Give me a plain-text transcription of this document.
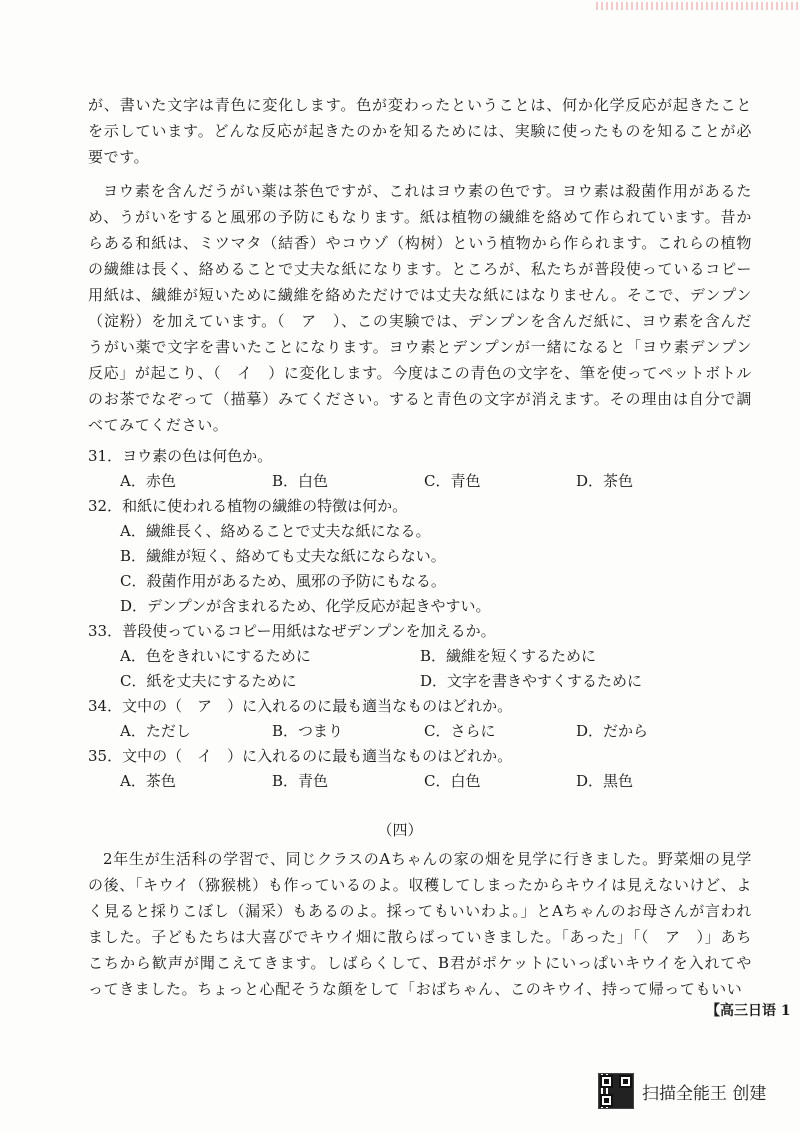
が、書いた文字は青色に変化します。色が変わったということは、何か化学反応が起きたことを示しています。どんな反応が起きたのかを知るためには、実験に使ったものを知ることが必要です。

ヨウ素を含んだうがい薬は茶色ですが、これはヨウ素の色です。ヨウ素は殺菌作用があるため、うがいをすると風邪の予防にもなります。紙は植物の繊維を絡めて作られています。昔からある和紙は、ミツマタ（結香）やコウゾ（构树）という植物から作られます。これらの植物の繊維は長く、絡めることで丈夫な紙になります。ところが、私たちが普段使っているコピー用紙は、繊維が短いために繊維を絡めただけでは丈夫な紙にはなりません。そこで、デンプン（淀粉）を加えています。（　ア　）、この実験では、デンプンを含んだ紙に、ヨウ素を含んだうがい薬で文字を書いたことになります。ヨウ素とデンプンが一緒になると「ヨウ素デンプン反応」が起こり、（　イ　）に変化します。今度はこの青色の文字を、筆を使ってペットボトルのお茶でなぞって（描摹）みてください。すると青色の文字が消えます。その理由は自分で調べてみてください。

31．ヨウ素の色は何色か。

A．赤色	B．白色	C．青色	D．茶色

32．和紙に使われる植物の繊維の特徴は何か。

A．繊維長く、絡めることで丈夫な紙になる。
B．繊維が短く、絡めても丈夫な紙にならない。
C．殺菌作用があるため、風邪の予防にもなる。
D．デンプンが含まれるため、化学反応が起きやすい。

33．普段使っているコピー用紙はなぜデンプンを加えるか。

A．色をきれいにするために	B．繊維を短くするために
C．紙を丈夫にするために	D．文字を書きやすくするために

34．文中の（　ア　）に入れるのに最も適当なものはどれか。

A．ただし	B．つまり	C．さらに	D．だから

35．文中の（　イ　）に入れるのに最も適当なものはどれか。

A．茶色	B．青色	C．白色	D．黒色
（四）

2年生が生活科の学習で、同じクラスのAちゃんの家の畑を見学に行きました。野菜畑の見学の後、「キウイ（猕猴桃）も作っているのよ。収穫してしまったからキウイは見えないけど、よく見ると採りこぼし（漏采）もあるのよ。採ってもいいわよ。」とAちゃんのお母さんが言われました。子どもたちは大喜びでキウイ畑に散らばっていきました。「あった」「（　ア　）」あちこちから歓声が聞こえてきます。しばらくして、B君がポケットにいっぱいキウイを入れてやってきました。ちょっと心配そうな顔をして「おばちゃん、このキウイ、持って帰ってもいい

【高三日语 1
扫描全能王 创建
